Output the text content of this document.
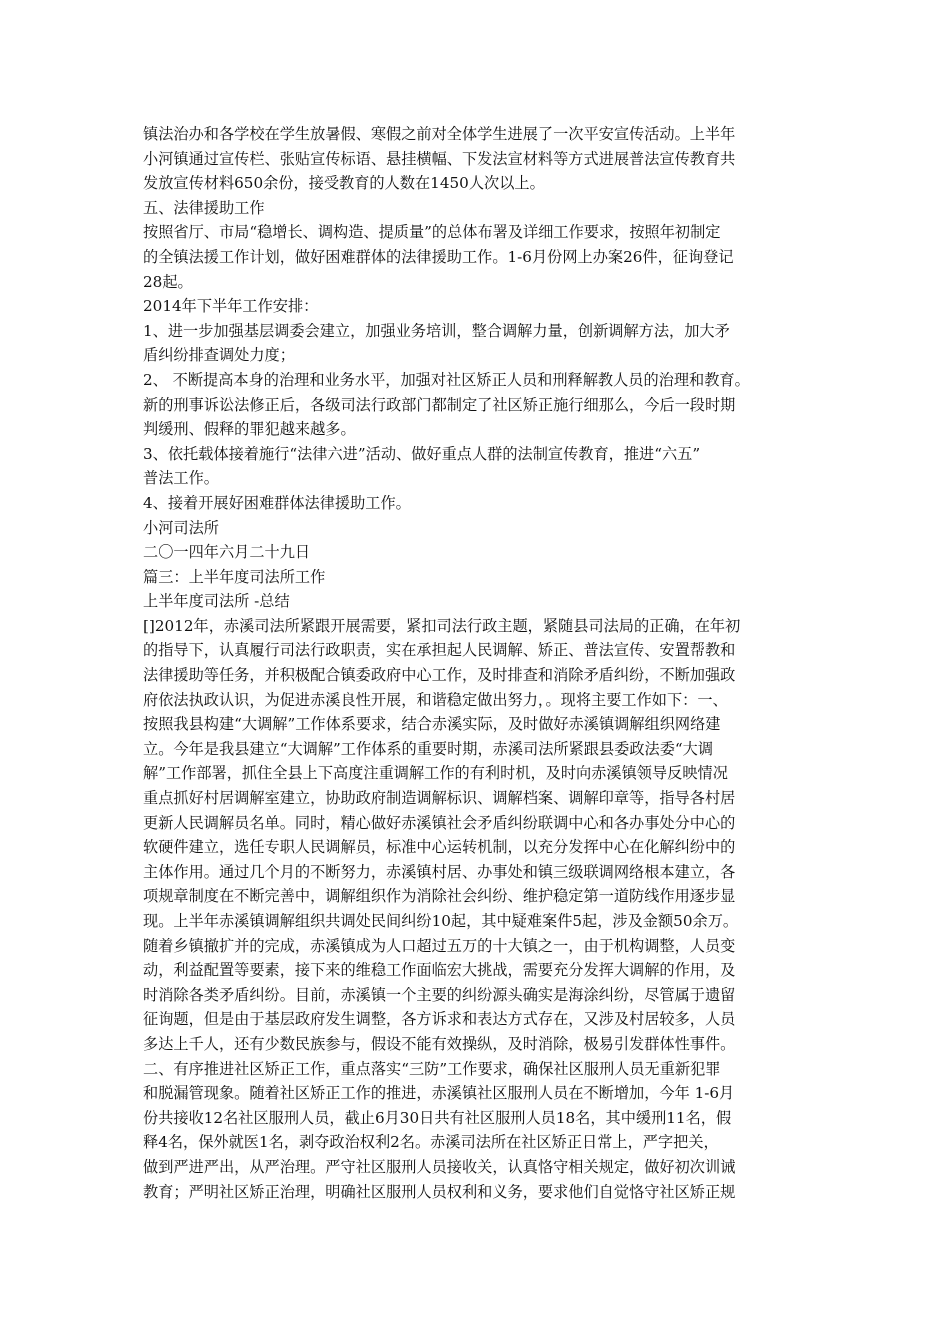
镇法治办和各学校在学生放暑假、寒假之前对全体学生进展了一次平安宣传活动。上半年
小河镇通过宣传栏、张贴宣传标语、悬挂横幅、下发法宣材料等方式进展普法宣传教育共
发放宣传材料650余份，接受教育的人数在1450人次以上。
五、法律援助工作
按照省厅、市局“稳增长、调构造、提质量”的总体布署及详细工作要求，按照年初制定
的全镇法援工作计划，做好困难群体的法律援助工作。1-6月份网上办案26件，征询登记
28起。
2014年下半年工作安排：
1、进一步加强基层调委会建立，加强业务培训，整合调解力量，创新调解方法，加大矛
盾纠纷排查调处力度；
2、 不断提高本身的治理和业务水平，加强对社区矫正人员和刑释解教人员的治理和教育。
新的刑事诉讼法修正后，各级司法行政部门都制定了社区矫正施行细那么，今后一段时期
判缓刑、假释的罪犯越来越多。
3、依托载体接着施行“法律六进”活动、做好重点人群的法制宣传教育，推进“六五”
普法工作。
4、接着开展好困难群体法律援助工作。
小河司法所
二〇一四年六月二十九日
篇三：上半年度司法所工作
上半年度司法所 -总结
[]2012年，赤溪司法所紧跟开展需要，紧扣司法行政主题，紧随县司法局的正确，在年初
的指导下，认真履行司法行政职责，实在承担起人民调解、矫正、普法宣传、安置帮教和
法律援助等任务，并积极配合镇委政府中心工作，及时排查和消除矛盾纠纷，不断加强政
府依法执政认识，为促进赤溪良性开展，和谐稳定做出努力，。现将主要工作如下：一、
按照我县构建“大调解”工作体系要求，结合赤溪实际，及时做好赤溪镇调解组织网络建
立。今年是我县建立“大调解”工作体系的重要时期，赤溪司法所紧跟县委政法委“大调
解”工作部署，抓住全县上下高度注重调解工作的有利时机，及时向赤溪镇领导反映情况
重点抓好村居调解室建立，协助政府制造调解标识、调解档案、调解印章等，指导各村居
更新人民调解员名单。同时，精心做好赤溪镇社会矛盾纠纷联调中心和各办事处分中心的
软硬件建立，选任专职人民调解员，标准中心运转机制，以充分发挥中心在化解纠纷中的
主体作用。通过几个月的不断努力，赤溪镇村居、办事处和镇三级联调网络根本建立，各
项规章制度在不断完善中，调解组织作为消除社会纠纷、维护稳定第一道防线作用逐步显
现。上半年赤溪镇调解组织共调处民间纠纷10起，其中疑难案件5起，涉及金额50余万。
随着乡镇撤扩并的完成，赤溪镇成为人口超过五万的十大镇之一，由于机构调整，人员变
动，利益配置等要素，接下来的维稳工作面临宏大挑战，需要充分发挥大调解的作用，及
时消除各类矛盾纠纷。目前，赤溪镇一个主要的纠纷源头确实是海涂纠纷，尽管属于遗留
征询题，但是由于基层政府发生调整，各方诉求和表达方式存在，又涉及村居较多，人员
多达上千人，还有少数民族参与，假设不能有效操纵，及时消除，极易引发群体性事件。
二、有序推进社区矫正工作，重点落实“三防”工作要求，确保社区服刑人员无重新犯罪
和脱漏管现象。随着社区矫正工作的推进，赤溪镇社区服刑人员在不断增加，今年 1-6月
份共接收12名社区服刑人员，截止6月30日共有社区服刑人员18名，其中缓刑11名，假
释4名，保外就医1名，剥夺政治权利2名。赤溪司法所在社区矫正日常上，严字把关，
做到严进严出，从严治理。严守社区服刑人员接收关，认真恪守相关规定，做好初次训诫
教育；严明社区矫正治理，明确社区服刑人员权利和义务，要求他们自觉恪守社区矫正规
